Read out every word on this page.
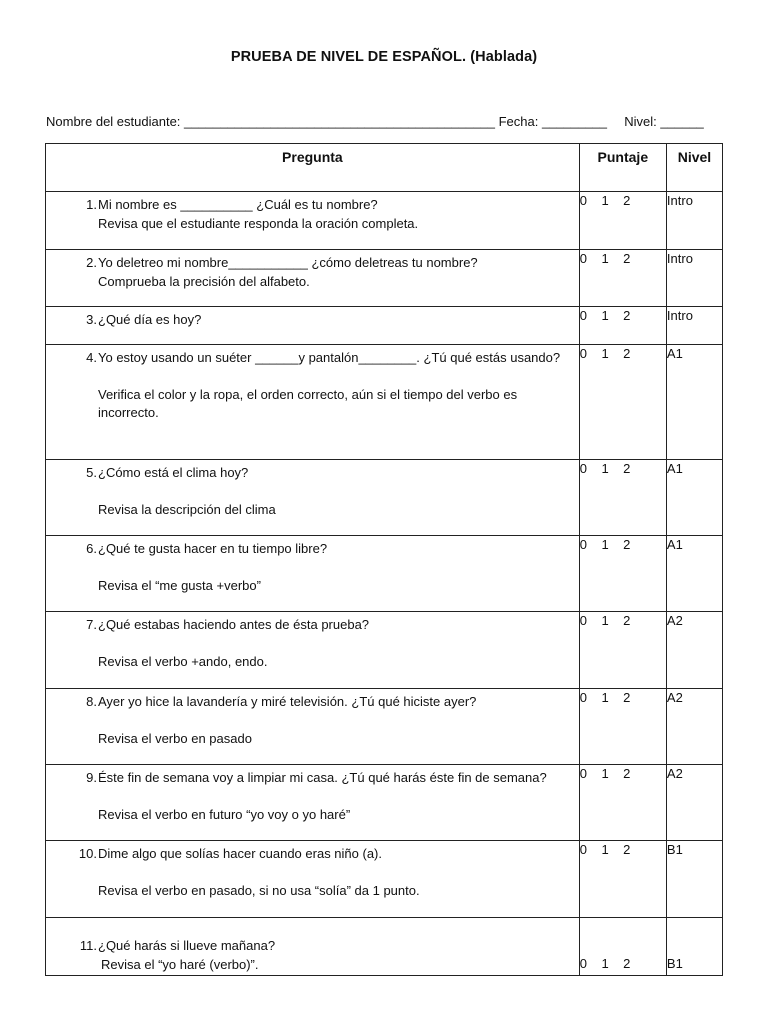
PRUEBA DE NIVEL DE ESPAÑOL. (Hablada)
Nombre del estudiante: ___________________________________________ Fecha: _________ Nivel: ______
Pregunta	Puntaje	Nivel

1. Mi nombre es __________ ¿Cuál es tu nombre?
Revisa que el estudiante responda la oración completa.	0    1    2	Intro

2. Yo deletreo mi nombre___________ ¿cómo deletreas tu nombre?
Comprueba la precisión del alfabeto.	0    1    2	Intro

3. ¿Qué día es hoy?	0    1    2	Intro

4. Yo estoy usando un suéter ______y pantalón________. ¿Tú qué estás usando?
Verifica el color y la ropa, el orden correcto, aún si el tiempo del verbo es incorrecto.	0    1    2	A1

5. ¿Cómo está el clima hoy?
Revisa la descripción del clima	0    1    2	A1

6. ¿Qué te gusta hacer en tu tiempo libre?
Revisa el “me gusta +verbo”	0    1    2	A1

7. ¿Qué estabas haciendo antes de ésta prueba?
Revisa el verbo +ando, endo.	0    1    2	A2

8. Ayer yo hice la lavandería y miré televisión. ¿Tú qué hiciste ayer?
Revisa el verbo en pasado	0    1    2	A2

9. Éste fin de semana voy a limpiar mi casa. ¿Tú qué harás éste fin de semana?
Revisa el verbo en futuro “yo voy o yo haré”	0    1    2	A2

10. Dime algo que solías hacer cuando eras niño (a).
Revisa el verbo en pasado, si no usa “solía” da 1 punto.	0    1    2	B1

11. ¿Qué harás si llueve mañana?
Revisa el “yo haré (verbo)”.	0    1    2	B1
